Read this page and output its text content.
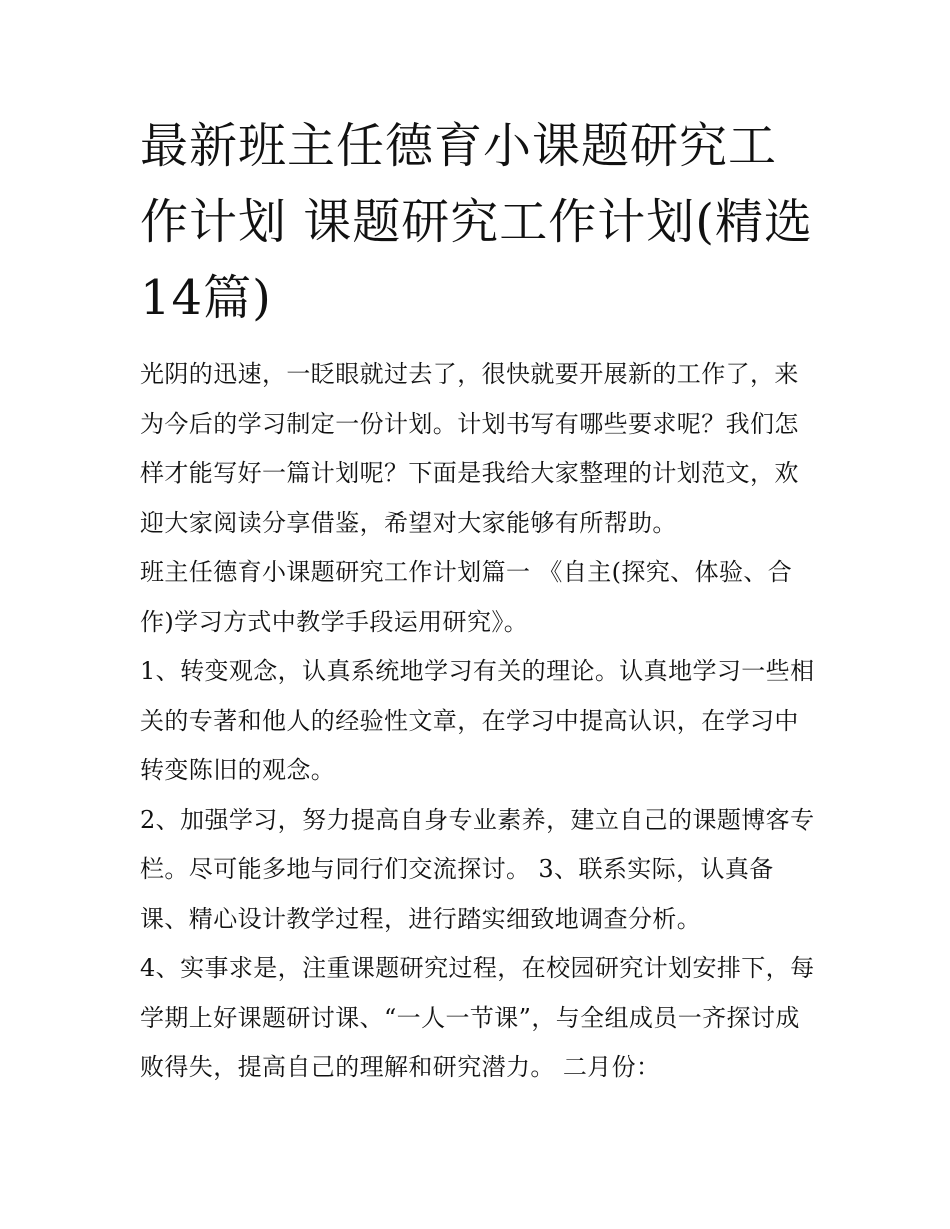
最新班主任德育小课题研究工作计划 课题研究工作计划(精选14篇)

光阴的迅速，一眨眼就过去了，很快就要开展新的工作了，来为今后的学习制定一份计划。计划书写有哪些要求呢？我们怎样才能写好一篇计划呢？下面是我给大家整理的计划范文，欢迎大家阅读分享借鉴，希望对大家能够有所帮助。

班主任德育小课题研究工作计划篇一 《自主(探究、体验、合作)学习方式中教学手段运用研究》。

1、转变观念，认真系统地学习有关的理论。认真地学习一些相关的专著和他人的经验性文章，在学习中提高认识，在学习中转变陈旧的观念。

2、加强学习，努力提高自身专业素养，建立自己的课题博客专栏。尽可能多地与同行们交流探讨。 3、联系实际，认真备课、精心设计教学过程，进行踏实细致地调查分析。

4、实事求是，注重课题研究过程，在校园研究计划安排下，每学期上好课题研讨课、“一人一节课”，与全组成员一齐探讨成败得失，提高自己的理解和研究潜力。 二月份：
